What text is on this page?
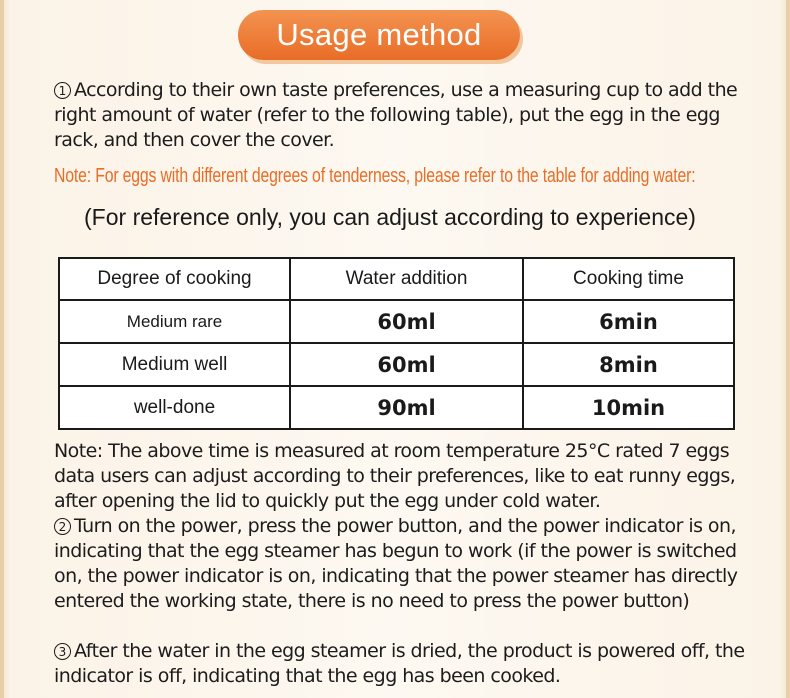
Usage method

1 According to their own taste preferences, use a measuring cup to add the right amount of water (refer to the following table), put the egg in the egg rack, and then cover the cover.

Note: For eggs with different degrees of tenderness, please refer to the table for adding water:
(For reference only, you can adjust according to experience)
Degree of cooking	Water addition	Cooking time
Medium rare	60ml	6min
Medium well	60ml	8min
well-done	90ml	10min

Note: The above time is measured at room temperature 25°C rated 7 eggs data users can adjust according to their preferences, like to eat runny eggs, after opening the lid to quickly put the egg under cold water.

2 Turn on the power, press the power button, and the power indicator is on, indicating that the egg steamer has begun to work (if the power is switched on, the power indicator is on, indicating that the power steamer has directly entered the working state, there is no need to press the power button)

3 After the water in the egg steamer is dried, the product is powered off, the indicator is off, indicating that the egg has been cooked.
